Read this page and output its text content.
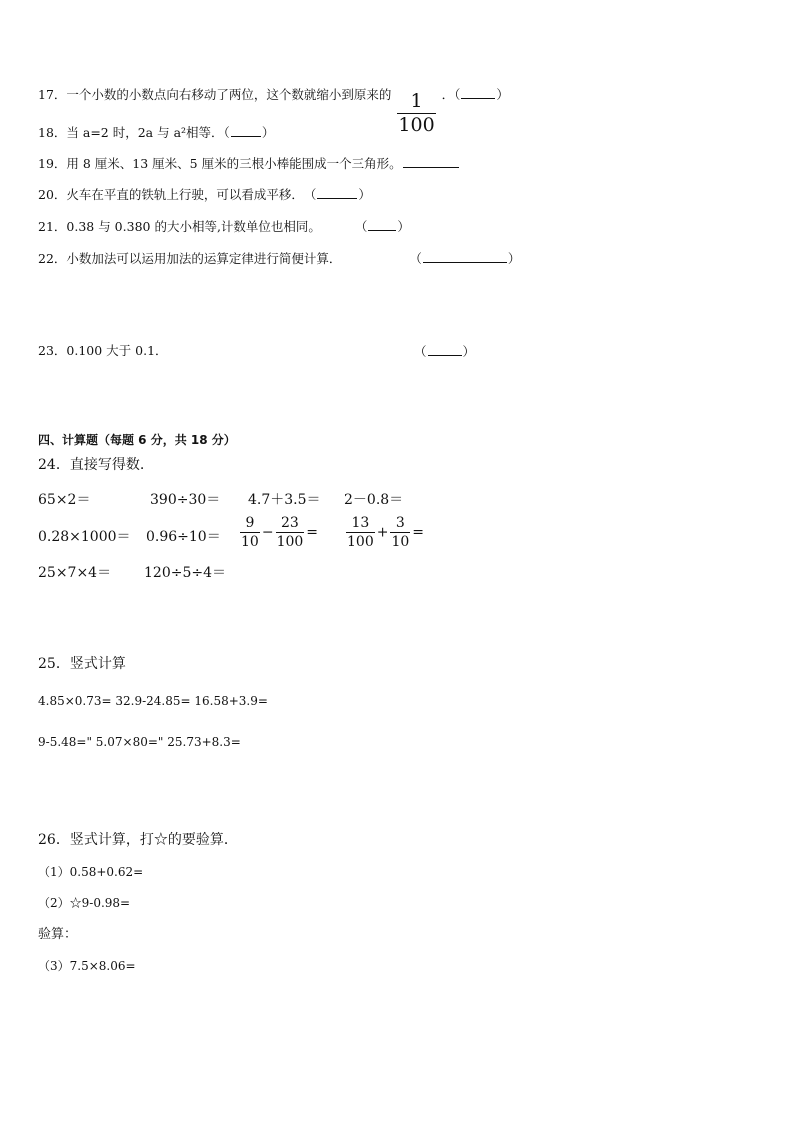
17．一个小数的小数点向右移动了两位，这个数就缩小到原来的 $\frac{1}{100}$ ．（	）
18．当 a=2 时，2a 与 a²相等．（	）
19．用 8 厘米、13 厘米、5 厘米的三根小棒能围成一个三角形。
20．火车在平直的铁轨上行驶，可以看成平移．　（	）
21．0.38 与 0.380 的大小相等,计数单位也相同。	（ ）
22．小数加法可以运用加法的运算定律进行简便计算．	（	）
23．0.100 大于 0.1．	（	）
四、计算题（每题 6 分，共 18 分）
24．直接写得数.
65×2＝	390÷30＝ 4.7＋3.5＝ 2－0.8＝
$0.28\times 1000= 0.96\div 10= \frac{9}{10} - \frac{23}{100} = \frac{13}{100} + \frac{3}{10}$ =
25×7×4＝ 120÷5÷4＝
25．竖式计算
4.85×0.73= 32.9-24.85= 16.58+3.9=
9-5.48=" 5.07×80=" 25.73+8.3=
26．竖式计算，打☆的要验算．
（1）0.58+0.62=
（2）☆9-0.98=
验算：
（3）7.5×8.06=
